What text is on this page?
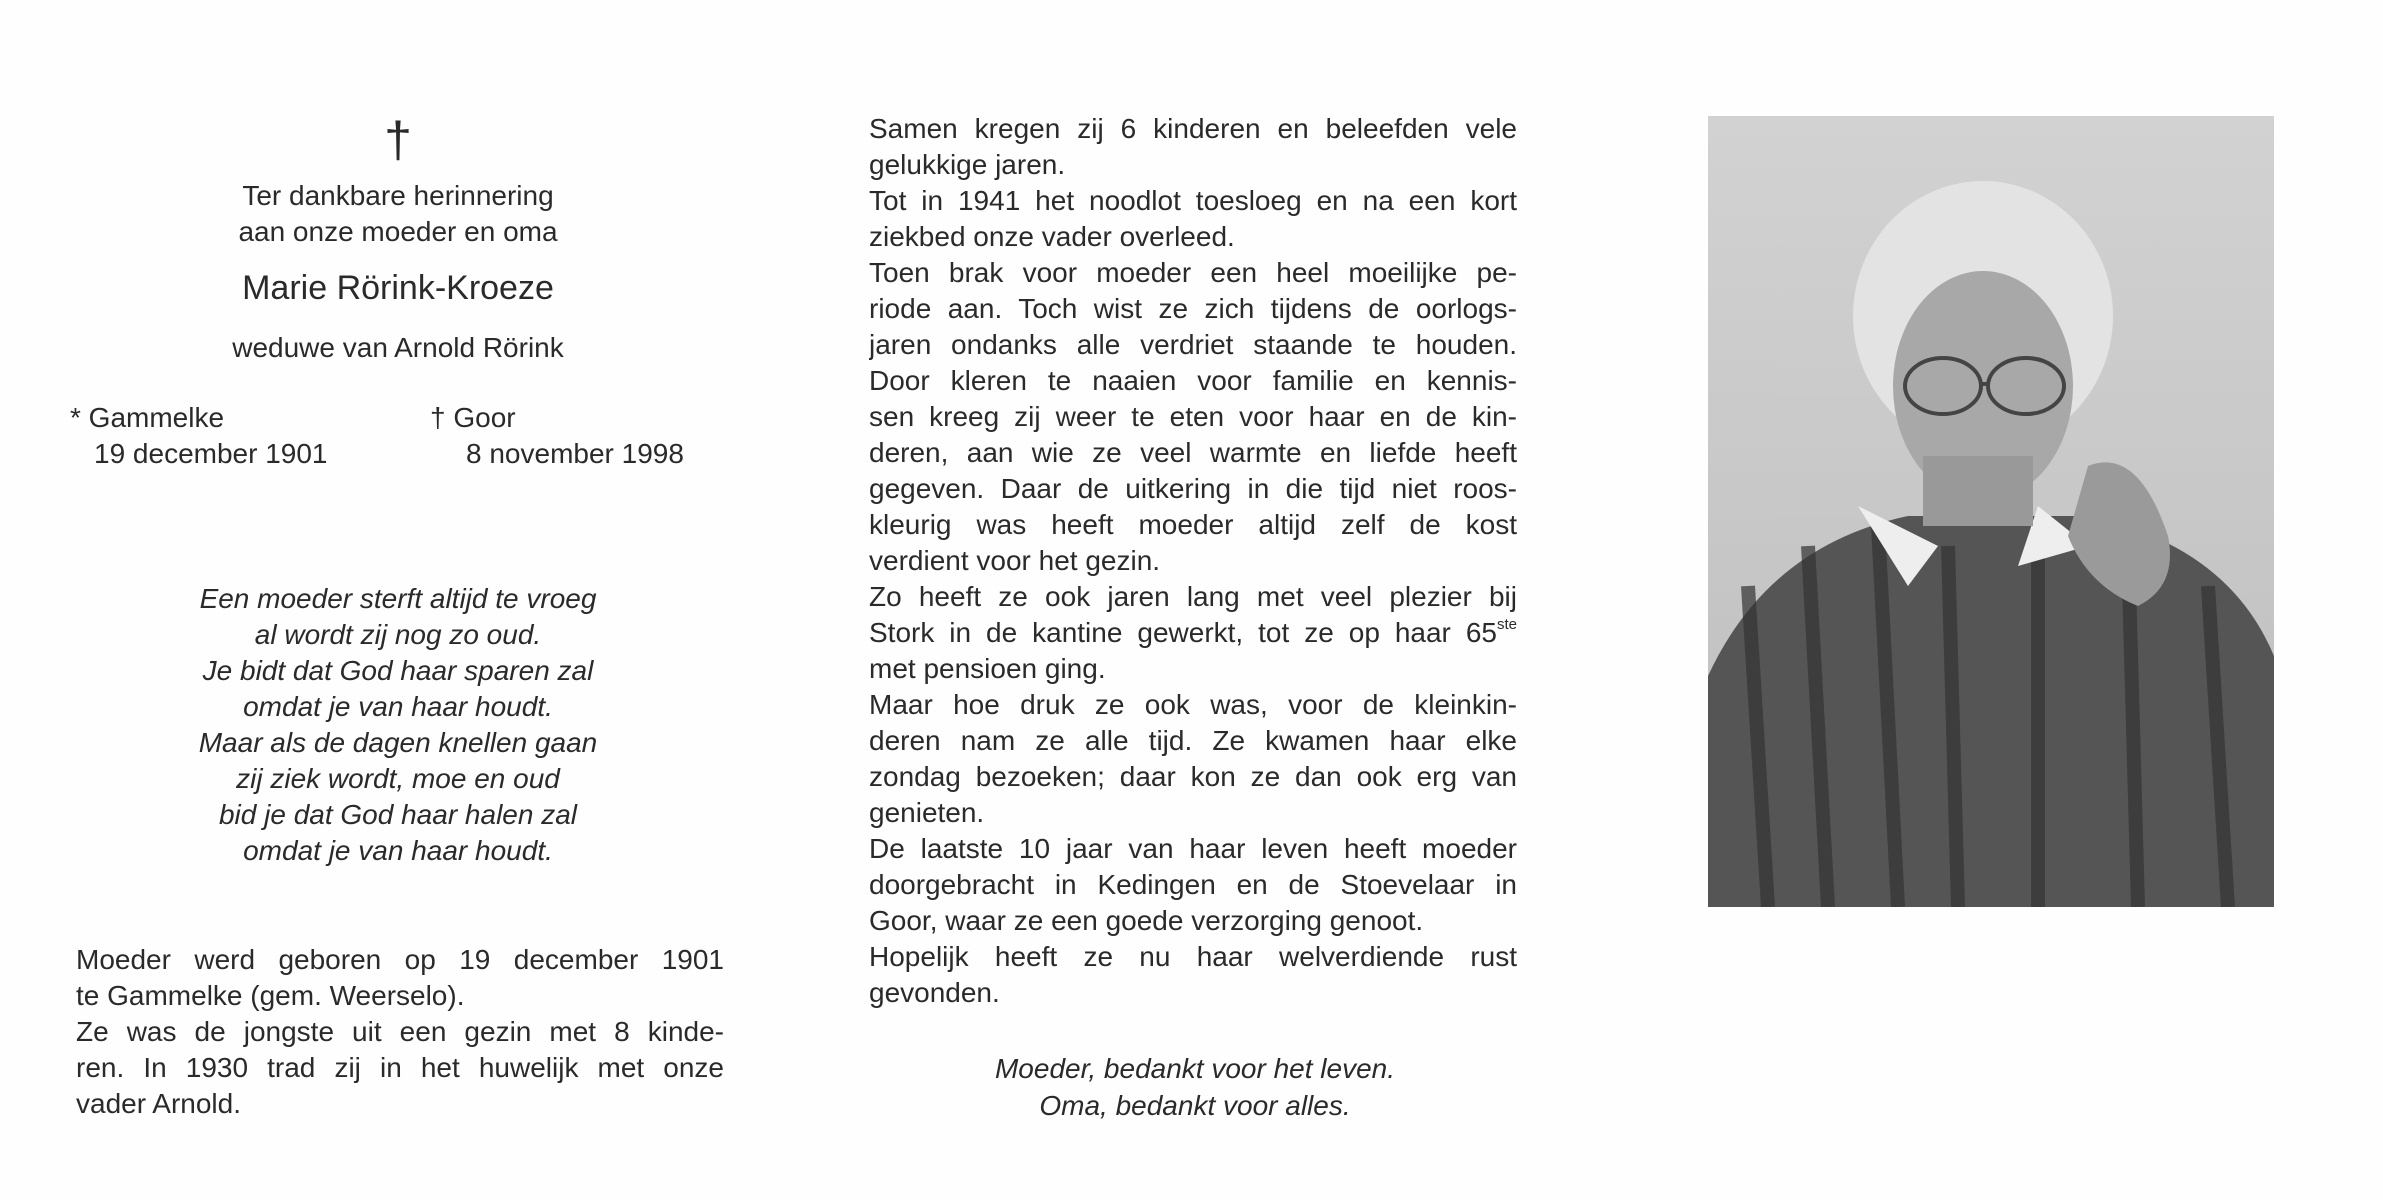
†
Ter dankbare herinnering
aan onze moeder en oma
Marie Rörink-Kroeze
weduwe van Arnold Rörink
* Gammelke
19 december 1901
† Goor
8 november 1998
Een moeder sterft altijd te vroeg
al wordt zij nog zo oud.
Je bidt dat God haar sparen zal
omdat je van haar houdt.
Maar als de dagen knellen gaan
zij ziek wordt, moe en oud
bid je dat God haar halen zal
omdat je van haar houdt.
Moeder werd geboren op 19 december 1901
te Gammelke (gem. Weerselo).
Ze was de jongste uit een gezin met 8 kinde-
ren. In 1930 trad zij in het huwelijk met onze
vader Arnold.
Samen kregen zij 6 kinderen en beleefden vele
gelukkige jaren.
Tot in 1941 het noodlot toesloeg en na een kort
ziekbed onze vader overleed.
Toen brak voor moeder een heel moeilijke pe-
riode aan. Toch wist ze zich tijdens de oorlogs-
jaren ondanks alle verdriet staande te houden.
Door kleren te naaien voor familie en kennis-
sen kreeg zij weer te eten voor haar en de kin-
deren, aan wie ze veel warmte en liefde heeft
gegeven. Daar de uitkering in die tijd niet roos-
kleurig was heeft moeder altijd zelf de kost
verdient voor het gezin.
Zo heeft ze ook jaren lang met veel plezier bij
Stork in de kantine gewerkt, tot ze op haar 65ste
met pensioen ging.
Maar hoe druk ze ook was, voor de kleinkin-
deren nam ze alle tijd. Ze kwamen haar elke
zondag bezoeken; daar kon ze dan ook erg van
genieten.
De laatste 10 jaar van haar leven heeft moeder
doorgebracht in Kedingen en de Stoevelaar in
Goor, waar ze een goede verzorging genoot.
Hopelijk heeft ze nu haar welverdiende rust
gevonden.
Moeder, bedankt voor het leven.
Oma, bedankt voor alles.
